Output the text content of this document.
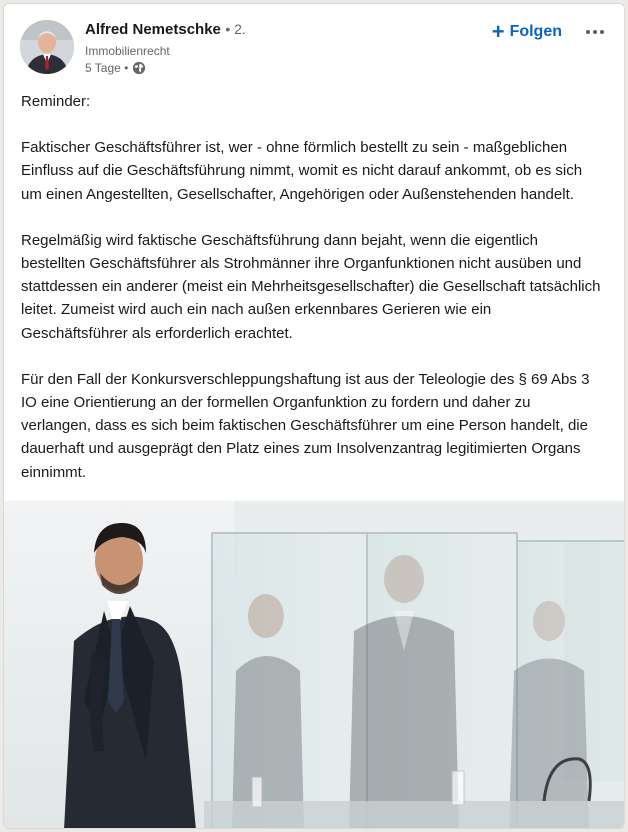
Alfred Nemetschke • 2.
Immobilienrecht
5 Tage •
+ Folgen

Reminder:

Faktischer Geschäftsführer ist, wer - ohne förmlich bestellt zu sein - maßgeblichen Einfluss auf die Geschäftsführung nimmt, womit es nicht darauf ankommt, ob es sich um einen Angestellten, Gesellschafter, Angehörigen oder Außenstehenden handelt.

Regelmäßig wird faktische Geschäftsführung dann bejaht, wenn die eigentlich bestellten Geschäftsführer als Strohmänner ihre Organfunktionen nicht ausüben und stattdessen ein anderer (meist ein Mehrheitsgesellschafter) die Gesellschaft tatsächlich leitet. Zumeist wird auch ein nach außen erkennbares Gerieren wie ein Geschäftsführer als erforderlich erachtet.

Für den Fall der Konkursverschleppungshaftung ist aus der Teleologie des § 69 Abs 3 IO eine Orientierung an der formellen Organfunktion zu fordern und daher zu verlangen, dass es sich beim faktischen Geschäftsführer um eine Person handelt, die dauerhaft und ausgeprägt den Platz eines zum Insolvenzantrag legitimierten Organs einnimmt.
